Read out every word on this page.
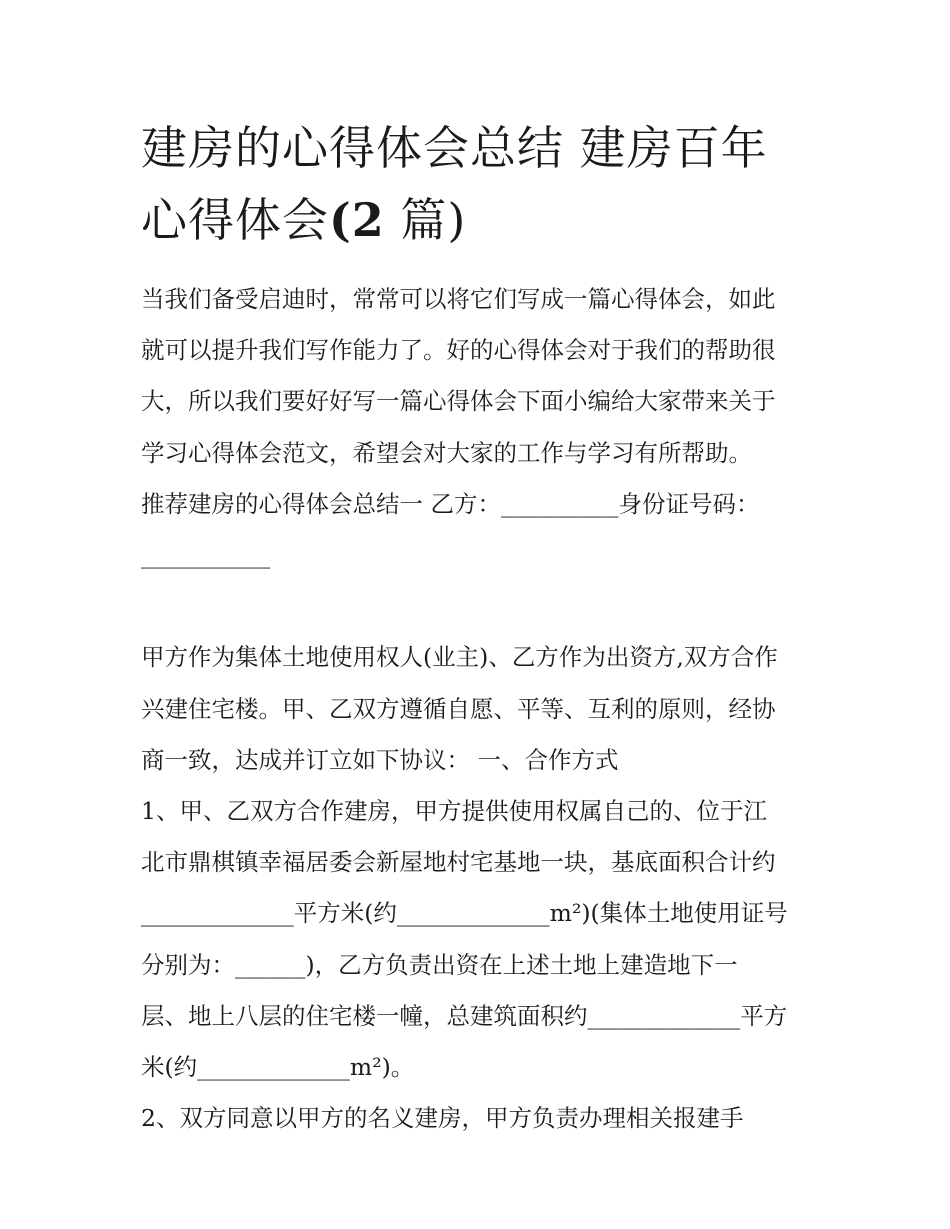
建房的心得体会总结 建房百年
心得体会(2 篇)
当我们备受启迪时，常常可以将它们写成一篇心得体会，如此
就可以提升我们写作能力了。好的心得体会对于我们的帮助很
大，所以我们要好好写一篇心得体会下面小编给大家带来关于
学习心得体会范文，希望会对大家的工作与学习有所帮助。
推荐建房的心得体会总结一 乙方：__________身份证号码：
___________
甲方作为集体土地使用权人(业主)、乙方作为出资方,双方合作
兴建住宅楼。甲、乙双方遵循自愿、平等、互利的原则，经协
商一致，达成并订立如下协议： 一、合作方式
1、甲、乙双方合作建房，甲方提供使用权属自己的、位于江
北市鼎棋镇幸福居委会新屋地村宅基地一块，基底面积合计约
_____________平方米(约_____________m²)(集体土地使用证号
分别为：______)，乙方负责出资在上述土地上建造地下一
层、地上八层的住宅楼一幢，总建筑面积约_____________平方
米(约_____________m²)。
2、双方同意以甲方的名义建房，甲方负责办理相关报建手
